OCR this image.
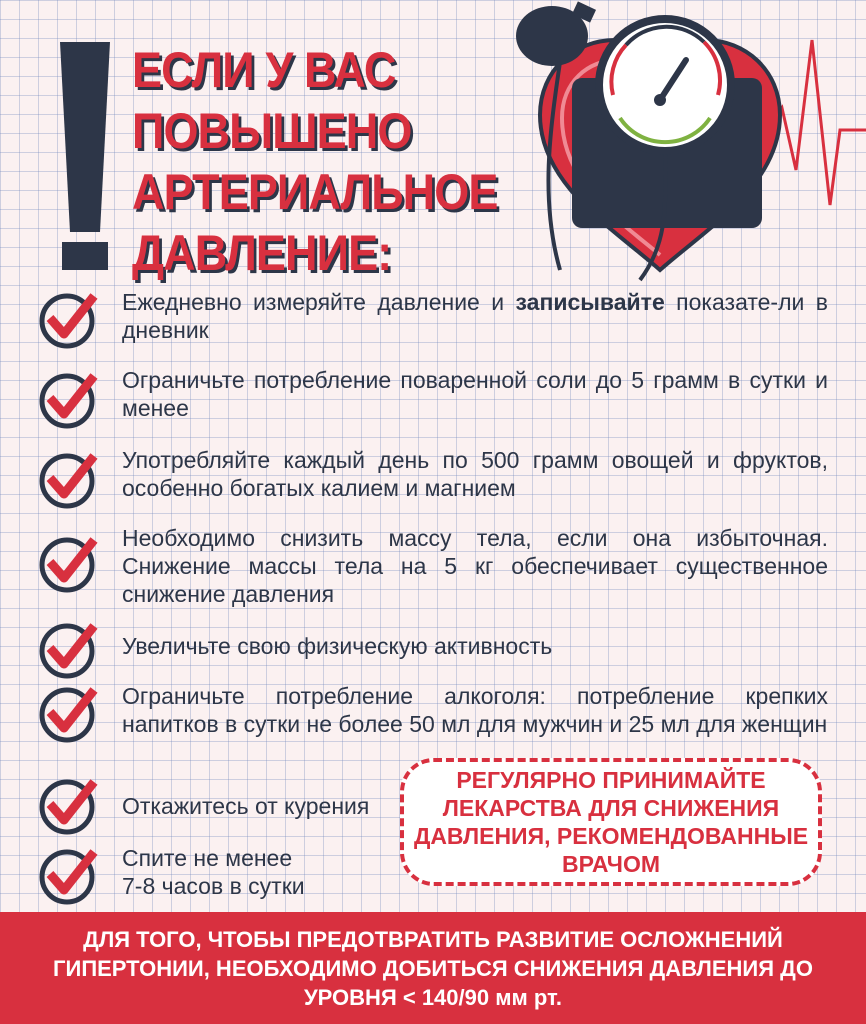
ЕСЛИ У ВАС
ПОВЫШЕНО
АРТЕРИАЛЬНОЕ
ДАВЛЕНИЕ:
Ежедневно измеряйте давление и записывайте показате-ли в дневник
Ограничьте потребление поваренной соли до 5 грамм в сутки и менее
Употребляйте каждый день по 500 грамм овощей и фруктов, особенно богатых калием и магнием
Необходимо снизить массу тела, если она избыточная. Снижение массы тела на 5 кг обеспечивает существенное снижение давления
Увеличьте свою физическую активность
Ограничьте потребление алкоголя: потребление крепких напитков в сутки не более 50 мл для мужчин и 25 мл для женщин
Откажитесь от курения
Спите не менее
7-8 часов в сутки
РЕГУЛЯРНО ПРИНИМАЙТЕ ЛЕКАРСТВА ДЛЯ СНИЖЕНИЯ ДАВЛЕНИЯ, РЕКОМЕНДОВАННЫЕ ВРАЧОМ
ДЛЯ ТОГО, ЧТОБЫ ПРЕДОТВРАТИТЬ РАЗВИТИЕ ОСЛОЖНЕНИЙ ГИПЕРТОНИИ, НЕОБХОДИМО ДОБИТЬСЯ СНИЖЕНИЯ ДАВЛЕНИЯ ДО УРОВНЯ < 140/90 мм рт.
